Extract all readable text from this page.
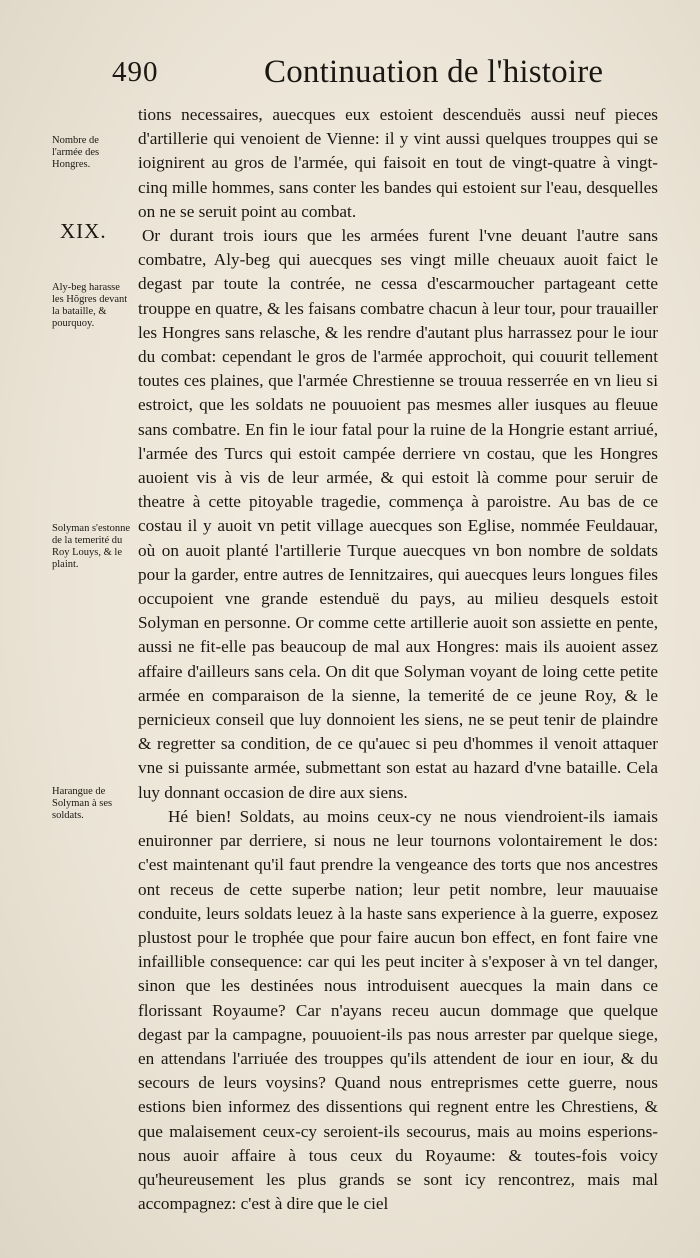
490	Continuation de l'histoire
XIX.
Nombre de l'armée des Hongres.
Aly-beg harasse les Hõgres devant la bataille, & pourquoy.
Solyman s'estonne de la temerité du Roy Louys, & le plaint.
Harangue de Solyman à ses soldats.

tions necessaires, auecques eux estoient descenduës aussi neuf pieces d'artillerie qui venoient de Vienne: il y vint aussi quelques trouppes qui se ioignirent au gros de l'armée, qui faisoit en tout de vingt-quatre à vingt-cinq mille hommes, sans conter les bandes qui estoient sur l'eau, desquelles on ne se seruit point au combat.

Or durant trois iours que les armées furent l'vne deuant l'autre sans combatre, Aly-beg qui auecques ses vingt mille cheuaux auoit faict le degast par toute la contrée, ne cessa d'escarmoucher partageant cette trouppe en quatre, & les faisans combatre chacun à leur tour, pour trauailler les Hongres sans relasche, & les rendre d'autant plus harrassez pour le iour du combat: cependant le gros de l'armée approchoit, qui couurit tellement toutes ces plaines, que l'armée Chrestienne se trouua resserrée en vn lieu si estroict, que les soldats ne pouuoient pas mesmes aller iusques au fleuue sans combatre. En fin le iour fatal pour la ruine de la Hongrie estant arriué, l'armée des Turcs qui estoit campée derriere vn costau, que les Hongres auoient vis à vis de leur armée, & qui estoit là comme pour seruir de theatre à cette pitoyable tragedie, commença à paroistre. Au bas de ce costau il y auoit vn petit village auecques son Eglise, nommée Feuldauar, où on auoit planté l'artillerie Turque auecques vn bon nombre de soldats pour la garder, entre autres de Iennitzaires, qui auecques leurs longues files occupoient vne grande estenduë du pays, au milieu desquels estoit Solyman en personne. Or comme cette artillerie auoit son assiette en pente, aussi ne fit-elle pas beaucoup de mal aux Hongres: mais ils auoient assez affaire d'ailleurs sans cela. On dit que Solyman voyant de loing cette petite armée en comparaison de la sienne, la temerité de ce jeune Roy, & le pernicieux conseil que luy donnoient les siens, ne se peut tenir de plaindre & regretter sa condition, de ce qu'auec si peu d'hommes il venoit attaquer vne si puissante armée, submettant son estat au hazard d'vne bataille. Cela luy donnant occasion de dire aux siens.

Hé bien! Soldats, au moins ceux-cy ne nous viendroient-ils iamais enuironner par derriere, si nous ne leur tournons volontairement le dos: c'est maintenant qu'il faut prendre la vengeance des torts que nos ancestres ont receus de cette superbe nation; leur petit nombre, leur mauuaise conduite, leurs soldats leuez à la haste sans experience à la guerre, exposez plustost pour le trophée que pour faire aucun bon effect, en font faire vne infaillible consequence: car qui les peut inciter à s'exposer à vn tel danger, sinon que les destinées nous introduisent auecques la main dans ce florissant Royaume? Car n'ayans receu aucun dommage que quelque degast par la campagne, pouuoient-ils pas nous arrester par quelque siege, en attendans l'arriuée des trouppes qu'ils attendent de iour en iour, & du secours de leurs voysins? Quand nous entreprismes cette guerre, nous estions bien informez des dissentions qui regnent entre les Chrestiens, & que malaisement ceux-cy seroient-ils secourus, mais au moins esperions-nous auoir affaire à tous ceux du Royaume: & toutes-fois voicy qu'heureusement les plus grands se sont icy rencontrez, mais mal accompagnez: c'est à dire que le ciel
